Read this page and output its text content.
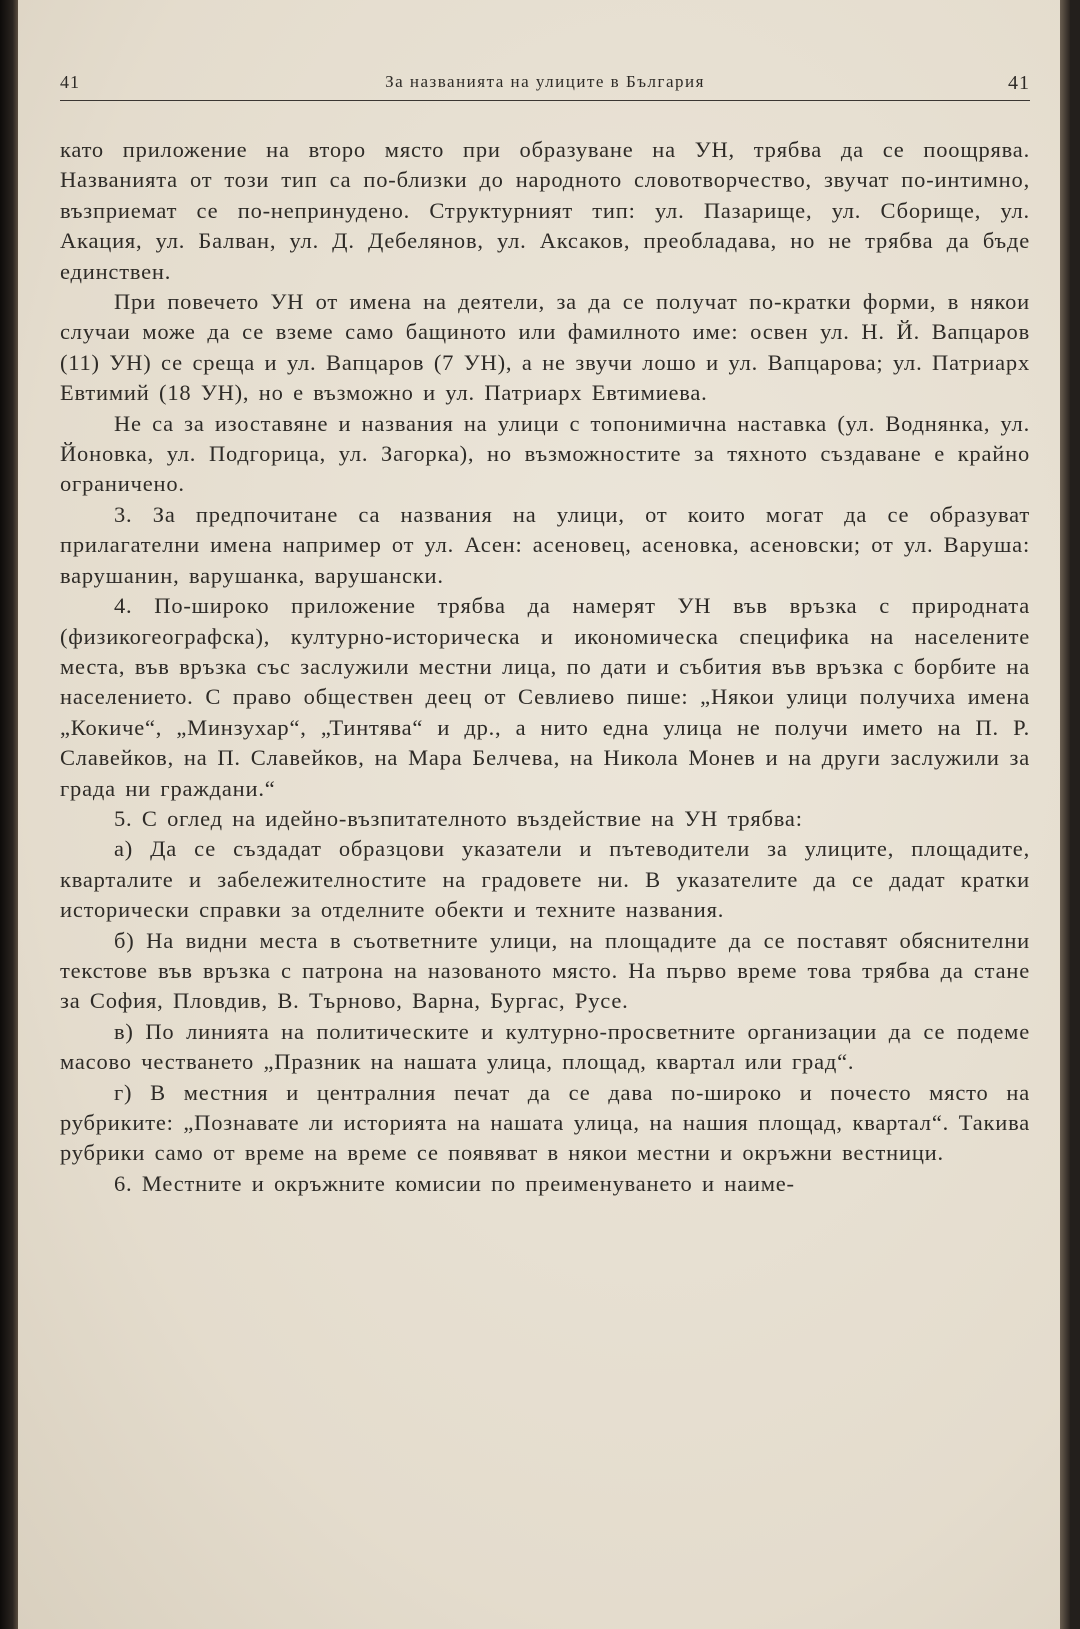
41	За названията на улиците в България	41

като приложение на второ място при образуване на УН, трябва да се поощрява. Названията от този тип са по-близки до народното словотворчество, звучат по-интимно, възприемат се по-непринудено. Структурният тип: ул. Пазарище, ул. Сборище, ул. Акация, ул. Балван, ул. Д. Дебелянов, ул. Аксаков, преобладава, но не трябва да бъде единствен.

При повечето УН от имена на деятели, за да се получат по-кратки форми, в някои случаи може да се вземе само бащиното или фамилното име: освен ул. Н. Й. Вапцаров (11) УН) се среща и ул. Вапцаров (7 УН), а не звучи лошо и ул. Вапцарова; ул. Патриарх Евтимий (18 УН), но е възможно и ул. Патриарх Евтимиева.

Не са за изоставяне и названия на улици с топонимична наставка (ул. Воднянка, ул. Йоновка, ул. Подгорица, ул. Загорка), но възможностите за тяхното създаване е крайно ограничено.

3. За предпочитане са названия на улици, от които могат да се образуват прилагателни имена например от ул. Асен: асеновец, асеновка, асеновски; от ул. Варуша: варушанин, варушанка, варушански.

4. По-широко приложение трябва да намерят УН във връзка с природната (физикогеографска), културно-историческа и икономическа специфика на населените места, във връзка със заслужили местни лица, по дати и събития във връзка с борбите на населението. С право обществен деец от Севлиево пише: „Някои улици получиха имена „Кокиче“, „Минзухар“, „Тинтява“ и др., а нито една улица не получи името на П. Р. Славейков, на П. Славейков, на Мара Белчева, на Никола Монев и на други заслужили за града ни граждани.“

5. С оглед на идейно-възпитателното въздействие на УН трябва:

а) Да се създадат образцови указатели и пътеводители за улиците, площадите, кварталите и забележителностите на градовете ни. В указателите да се дадат кратки исторически справки за отделните обекти и техните названия.

б) На видни места в съответните улици, на площадите да се поставят обяснителни текстове във връзка с патрона на назованото място. На първо време това трябва да стане за София, Пловдив, В. Търново, Варна, Бургас, Русе.

в) По линията на политическите и културно-просветните организации да се подеме масово честването „Празник на нашата улица, площад, квартал или град“.

г) В местния и централния печат да се дава по-широко и почесто място на рубриките: „Познавате ли историята на нашата улица, на нашия площад, квартал“. Такива рубрики само от време на време се появяват в някои местни и окръжни вестници.

6. Местните и окръжните комисии по преименуването и наиме-
